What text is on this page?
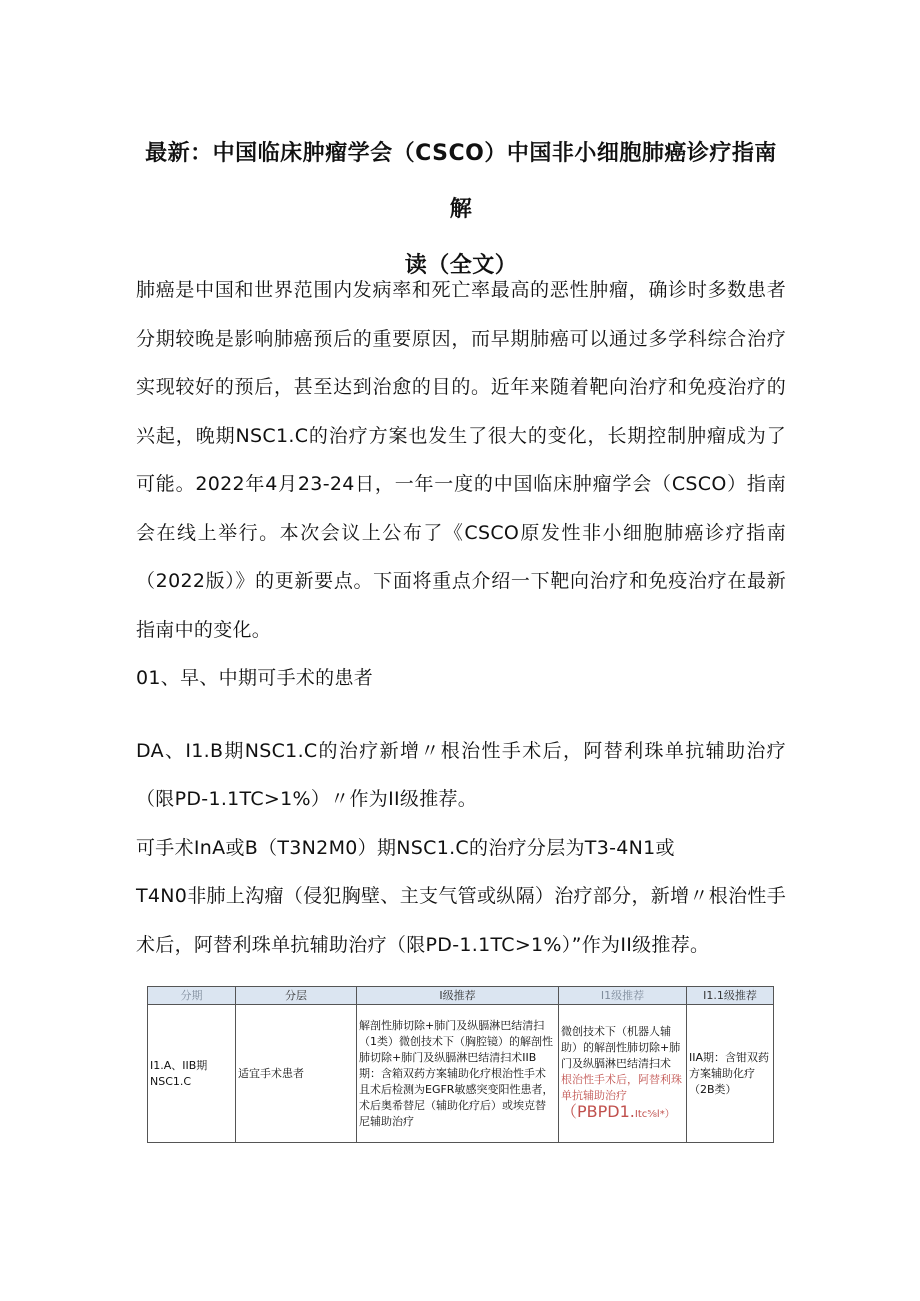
最新：中国临床肿瘤学会（CSCO）中国非小细胞肺癌诊疗指南解
读（全文）

肺癌是中国和世界范围内发病率和死亡率最高的恶性肿瘤，确诊时多数患者分期较晚是影响肺癌预后的重要原因，而早期肺癌可以通过多学科综合治疗实现较好的预后，甚至达到治愈的目的。近年来随着靶向治疗和免疫治疗的兴起，晚期NSC1.C的治疗方案也发生了很大的变化，长期控制肿瘤成为了可能。2022年4月23-24日，一年一度的中国临床肿瘤学会（CSCO）指南会在线上举行。本次会议上公布了《CSCO原发性非小细胞肺癌诊疗指南（2022版）》的更新要点。下面将重点介绍一下靶向治疗和免疫治疗在最新指南中的变化。

01、早、中期可手术的患者

DA、I1.B期NSC1.C的治疗新增〃根治性手术后，阿替利珠单抗辅助治疗（限PD-1.1TC>1%）〃作为II级推荐。

可手术InA或B（T3N2M0）期NSC1.C的治疗分层为T3-4N1或

T4N0非肺上沟瘤（侵犯胸壁、主支气管或纵隔）治疗部分，新增〃根治性手术后，阿替利珠单抗辅助治疗（限PD-1.1TC>1%）”作为II级推荐。

分期	分层	I级推荐	I1级推荐	I1.1级推荐
I1.A、IIB期NSC1.C	适宜手术患者	解剖性肺切除+肺门及纵膈淋巴结清扫（1类）微创技术下（胸腔镜）的解剖性肺切除+肺门及纵膈淋巴结清扫术IIB期：含箱双药方案辅助化疗根治性手术且术后检测为EGFR敏感突变阳性患者，术后奥希替尼（辅助化疗后）或埃克替尼辅助治疗	微创技术下（机器人辅助）的解剖性肺切除+肺门及纵膈淋巴结清扫术
根治性手术后，阿替利珠单抗辅助治疗
（PBPD1.Itc⅝l*）	IIA期：含钳双药方案辅助化疗（2B类）
